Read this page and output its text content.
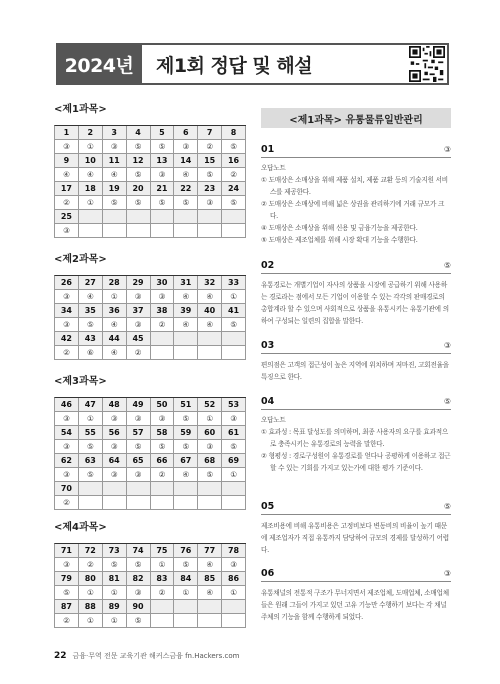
2024년	제1회 정답 및 해설
<제1과목>
1	2	3	4	5	6	7	8
③	①	③	⑤	⑤	③	②	⑤
9	10	11	12	13	14	15	16
④	④	④	⑤	③	④	⑤	②
17	18	19	20	21	22	23	24
②	①	⑤	⑤	⑤	⑤	③	⑤
25
③
<제2과목>
26	27	28	29	30	31	32	33
③	④	①	③	③	④	④	①
34	35	36	37	38	39	40	41
③	⑤	④	③	②	④	④	⑤
42	43	44	45
②	⑥	④	②
<제3과목>
46	47	48	49	50	51	52	53
③	①	③	③	③	⑤	①	③
54	55	56	57	58	59	60	61
③	⑤	③	⑤	⑤	⑤	③	⑤
62	63	64	65	66	67	68	69
③	⑤	③	③	②	④	⑤	①
70
②
<제4과목>
71	72	73	74	75	76	77	78
③	②	⑤	⑤	①	⑤	④	③
79	80	81	82	83	84	85	86
⑤	①	①	③	②	①	④	①
87	88	89	90
②	①	①	⑤
<제1과목> 유통물류일반관리
01	③
오답노트
① 도매상은 소매상을 위해 제품 설치, 제품 교환 등의 기술지원 서비스를 제공한다.
② 도매상은 소매상에 비해 넓은 상권을 관리하기에 거래 규모가 크다.
④ 도매상은 소매상을 위해 신용 및 금융기능을 제공한다.
⑤ 도매상은 제조업체를 위해 시장 확대 기능을 수행한다.
02	⑤
유통경로는 개별기업이 자사의 상품을 시장에 공급하기 위해 사용하는 경로라는 점에서 모든 기업이 이용할 수 있는 각각의 판매경로의 총합계라 할 수 있으며 사회적으로 상품을 유통시키는 유통기관에 의하여 구성되는 일련의 집합을 말한다.
03	③
편의점은 고객의 접근성이 높은 지역에 위치하며 저마진, 고회전율을 특징으로 한다.
04	⑤
오답노트
① 효과성 : 목표 달성도를 의미하며, 최종 사용자의 요구를 효과적으로 충족시키는 유통경로의 능력을 말한다.
② 형평성 : 경로구성원이 유통경로를 얻다나 공평하게 이용하고 접근할 수 있는 기회를 가지고 있는가에 대한 평가 기준이다.
05	⑤
제조비용에 비해 유통비용은 고정비보다 변동비의 비율이 높기 때문에 제조업자가 직접 유통까지 담당하여 규모의 경제를 달성하기 어렵다.
06	③
유통채널의 전통적 구조가 무너지면서 제조업체, 도매업체, 소매업체들은 원래 그들이 가지고 있던 고유 기능만 수행하기 보다는 각 채널 주체의 기능을 함께 수행하게 되었다.
22 금융·무역 전문 교육기관 해커스금융 fn.Hackers.com
